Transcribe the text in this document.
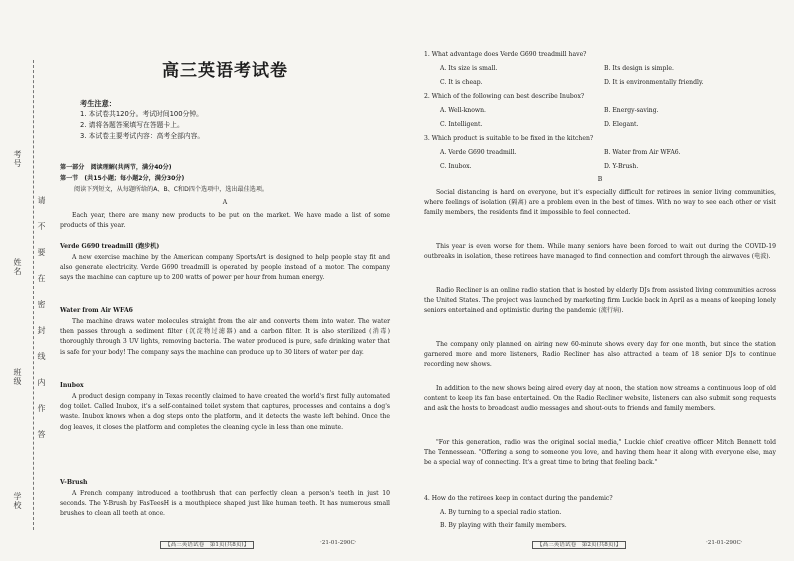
考号
姓名
班级
学校
请
不
要
在
密
封
线
内
作
答
高三英语考试卷
考生注意：
1. 本试卷共120分。考试时间100分钟。
2. 请将各题答案填写在答题卡上。
3. 本试卷主要考试内容：高考全部内容。
第一部分　阅读理解(共两节，满分40分)
第一节　(共15小题；每小题2分，满分30分)
阅读下列短文，从每题所给的A、B、C和D四个选项中，选出最佳选项。
A

Each year, there are many new products to be put on the market. We have made a list of some products of this year.

Verde G690 treadmill (跑步机)

A new exercise machine by the American company SportsArt is designed to help people stay fit and also generate electricity. Verde G690 treadmill is operated by people instead of a motor. The company says the machine can capture up to 200 watts of power per hour from human energy.

Water from Air WFA6

The machine draws water molecules straight from the air and converts them into water. The water then passes through a sediment filter (沉淀物过滤器) and a carbon filter. It is also sterilized (消毒) thoroughly through 3 UV lights, removing bacteria. The water produced is pure, safe drinking water that is safe for your body! The company says the machine can produce up to 30 liters of water per day.

Inubox

A product design company in Texas recently claimed to have created the world's first fully automated dog toilet. Called Inubox, it's a self-contained toilet system that captures, processes and contains a dog's waste. Inubox knows when a dog steps onto the platform, and it detects the waste left behind. Once the dog leaves, it closes the platform and completes the cleaning cycle in less than one minute.

V-Brush

A French company introduced a toothbrush that can perfectly clean a person's teeth in just 10 seconds. The Y-Brush by FasTeesH is a mouthpiece shaped just like human teeth. It has numerous small brushes to clean all teeth at once.

1. What advantage does Verde G690 treadmill have?
A. Its size is small.	B. Its design is simple.
C. It is cheap.	D. It is environmentally friendly.
2. Which of the following can best describe Inubox?
A. Well-known.	B. Energy-saving.
C. Intelligent.	D. Elegant.
3. Which product is suitable to be fixed in the kitchen?
A. Verde G690 treadmill.	B. Water from Air WFA6.
C. Inubox.	D. Y-Brush.
B

Social distancing is hard on everyone, but it's especially difficult for retirees in senior living communities, where feelings of isolation (隔离) are a problem even in the best of times. With no way to see each other or visit family members, the residents find it impossible to feel connected.

This year is even worse for them. While many seniors have been forced to wait out during the COVID-19 outbreaks in isolation, these retirees have managed to find connection and comfort through the airwaves (电波).

Radio Recliner is an online radio station that is hosted by elderly DJs from assisted living communities across the United States. The project was launched by marketing firm Luckie back in April as a means of keeping lonely seniors entertained and optimistic during the pandemic (流行病).

The company only planned on airing new 60-minute shows every day for one month, but since the station garnered more and more listeners, Radio Recliner has also attracted a team of 18 senior DJs to continue recording new shows.

In addition to the new shows being aired every day at noon, the station now streams a continuous loop of old content to keep its fan base entertained. On the Radio Recliner website, listeners can also submit song requests and ask the hosts to broadcast audio messages and shout-outs to friends and family members.

"For this generation, radio was the original social media," Luckie chief creative officer Mitch Bennett told The Tennessean. "Offering a song to someone you love, and having them hear it along with everyone else, may be a special way of connecting. It's a great time to bring that feeling back."

4. How do the retirees keep in contact during the pandemic?
A. By turning to a special radio station.
B. By playing with their family members.
【高三英语试卷　第1页(共8页)】	·21-01-290C·	【高三英语试卷　第2页(共8页)】	·21-01-290C·
